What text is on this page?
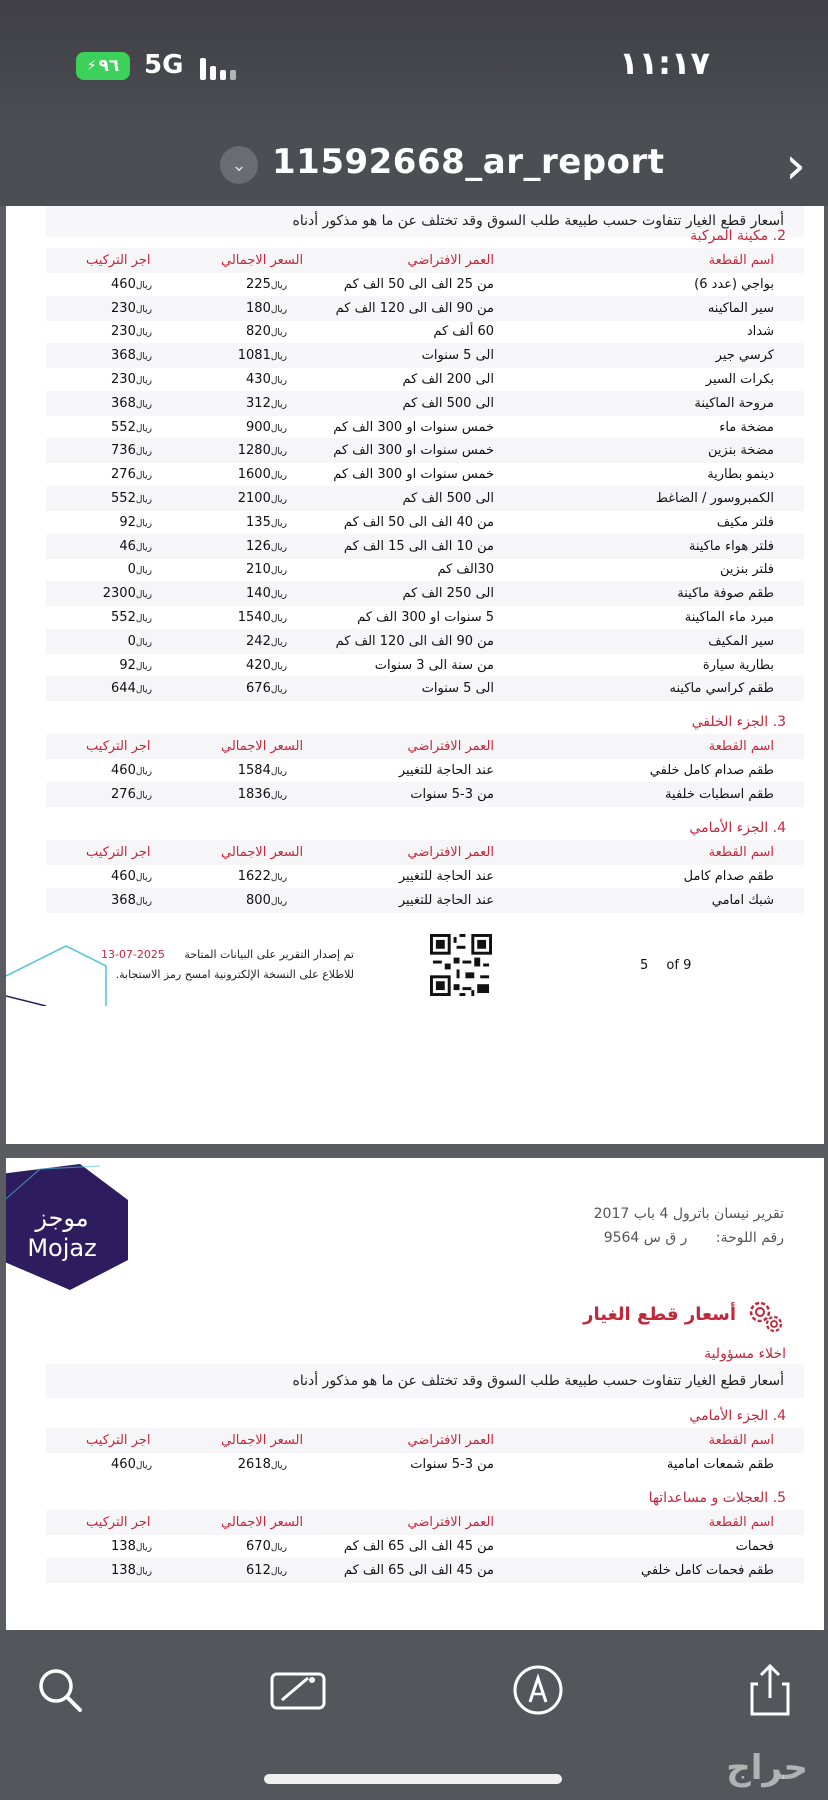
⚡ ٩٦ 5G	١١:١٧
⌄ 11592668_ar_report ›
أسعار قطع الغيار تتفاوت حسب طبيعة طلب السوق وقد تختلف عن ما هو مذكور أدناه
2. مكينة المركبة
اسم القطعة
العمر الافتراضي
السعر الاجمالي
اجر التركيب
بواجي (عدد 6)
من 25 الف الى 50 الف كم
ريال225
ريال460
سير الماكينه
من 90 الف الى 120 الف كم
ريال180
ريال230
شداد
60 ألف كم
ريال820
ريال230
كرسي جير
الى 5 سنوات
ريال1081
ريال368
بكرات السير
الى 200 الف كم
ريال430
ريال230
مروحة الماكينة
الى 500 الف كم
ريال312
ريال368
مضخة ماء
خمس سنوات او 300 الف كم
ريال900
ريال552
مضخة بنزين
خمس سنوات او 300 الف كم
ريال1280
ريال736
دينمو بطارية
خمس سنوات او 300 الف كم
ريال1600
ريال276
الكمبروسور / الضاغط
الى 500 الف كم
ريال2100
ريال552
فلتر مكيف
من 40 الف الى 50 الف كم
ريال135
ريال92
فلتر هواء ماكينة
من 10 الف الى 15 الف كم
ريال126
ريال46
فلتر بنزين
30الف كم
ريال210
ريال0
طقم صوفة ماكينة
الى 250 الف كم
ريال140
ريال2300
مبرد ماء الماكينة
5 سنوات او 300 الف كم
ريال1540
ريال552
سير المكيف
من 90 الف الى 120 الف كم
ريال242
ريال0
بطارية سيارة
من سنة الى 3 سنوات
ريال420
ريال92
طقم كراسي ماكينه
الى 5 سنوات
ريال676
ريال644
3. الجزء الخلفي
اسم القطعة
العمر الافتراضي
السعر الاجمالي
اجر التركيب
طقم صدام كامل خلفي
عند الحاجة للتغيير
ريال1584
ريال460
طقم اسطبات خلفية
من 3-5 سنوات
ريال1836
ريال276
4. الجزء الأمامي
اسم القطعة
العمر الافتراضي
السعر الاجمالي
اجر التركيب
طقم صدام كامل
عند الحاجة للتغيير
ريال1622
ريال460
شبك امامي
عند الحاجة للتغيير
ريال800
ريال368
تم إصدار التقرير على البيانات المتاحة 2025-07-13
للاطلاع على النسخة الإلكترونية امسح رمز الاستجابة.
5 of 9
موجز
Mojaz
تقرير نيسان باترول 4 باب 2017
رقم اللوحة: ر ق س 9564
أسعار قطع الغيار
اخلاء مسؤولية
أسعار قطع الغيار تتفاوت حسب طبيعة طلب السوق وقد تختلف عن ما هو مذكور أدناه
4. الجزء الأمامي
اسم القطعة
العمر الافتراضي
السعر الاجمالي
اجر التركيب
طقم شمعات امامية
من 3-5 سنوات
ريال2618
ريال460
5. العجلات و مساعداتها
اسم القطعة
العمر الافتراضي
السعر الاجمالي
اجر التركيب
فحمات
من 45 الف الى 65 الف كم
ريال670
ريال138
طقم فحمات كامل خلفي
من 45 الف الى 65 الف كم
ريال612
ريال138
حراج
